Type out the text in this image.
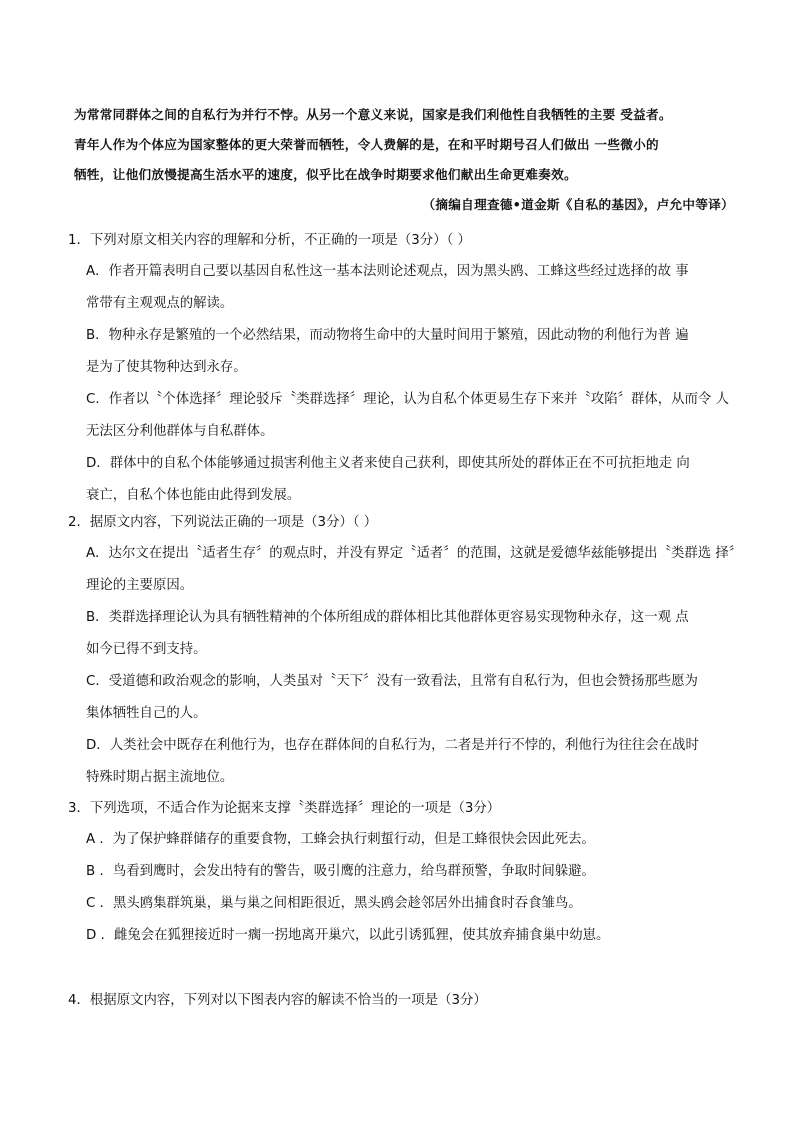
为常常同群体之间的自私行为并行不悖。从另一个意义来说，国家是我们利他性自我牺牲的主要 受益者。
青年人作为个体应为国家整体的更大荣誉而牺牲，令人费解的是，在和平时期号召人们做出 一些微小的
牺牲，让他们放慢提高生活水平的速度，似乎比在战争时期要求他们献出生命更难奏效。
（摘编自理查德•道金斯《自私的基因》，卢允中等译）
1．下列对原文相关内容的理解和分析，不正确的一项是（3分）（ ）
A．作者开篇表明自己要以基因自私性这一基本法则论述观点，因为黑头鸥、工蜂这些经过选择的故 事
常带有主观观点的解读。
B．物种永存是繁殖的一个必然结果，而动物将生命中的大量时间用于繁殖，因此动物的利他行为普 遍
是为了使其物种达到永存。
C．作者以〝个体选择〞理论驳斥〝类群选择〞理论，认为自私个体更易生存下来并〝攻陷〞群体，从而令 人
无法区分利他群体与自私群体。
D．群体中的自私个体能够通过损害利他主义者来使自己获利，即使其所处的群体正在不可抗拒地走 向
衰亡，自私个体也能由此得到发展。
2．据原文内容，下列说法正确的一项是（3分）（ ）
A．达尔文在提出〝适者生存〞的观点时，并没有界定〝适者〞的范围，这就是爱德华兹能够提出〝类群选 择〞
理论的主要原因。
B．类群选择理论认为具有牺牲精神的个体所组成的群体相比其他群体更容易实现物种永存，这一观 点
如今已得不到支持。
C．受道德和政治观念的影响，人类虽对〝天下〞没有一致看法，且常有自私行为，但也会赞扬那些愿为
集体牺牲自己的人。
D．人类社会中既存在利他行为，也存在群体间的自私行为，二者是并行不悖的，利他行为往往会在战时
特殊时期占据主流地位。
3．下列选项，不适合作为论据来支撑〝类群选择〞理论的一项是（3分）
A ．为了保护蜂群储存的重要食物，工蜂会执行刺蜇行动，但是工蜂很快会因此死去。
B ．鸟看到鹰时，会发出特有的警告，吸引鹰的注意力，给鸟群预警，争取时间躲避。
C ．黑头鸥集群筑巢，巢与巢之间相距很近，黑头鸥会趁邻居外出捕食时吞食雏鸟。
D ．雌兔会在狐狸接近时一瘸一拐地离开巢穴，以此引诱狐狸，使其放弃捕食巢中幼崽。
4．根据原文内容，下列对以下图表内容的解读不恰当的一项是（3分）
